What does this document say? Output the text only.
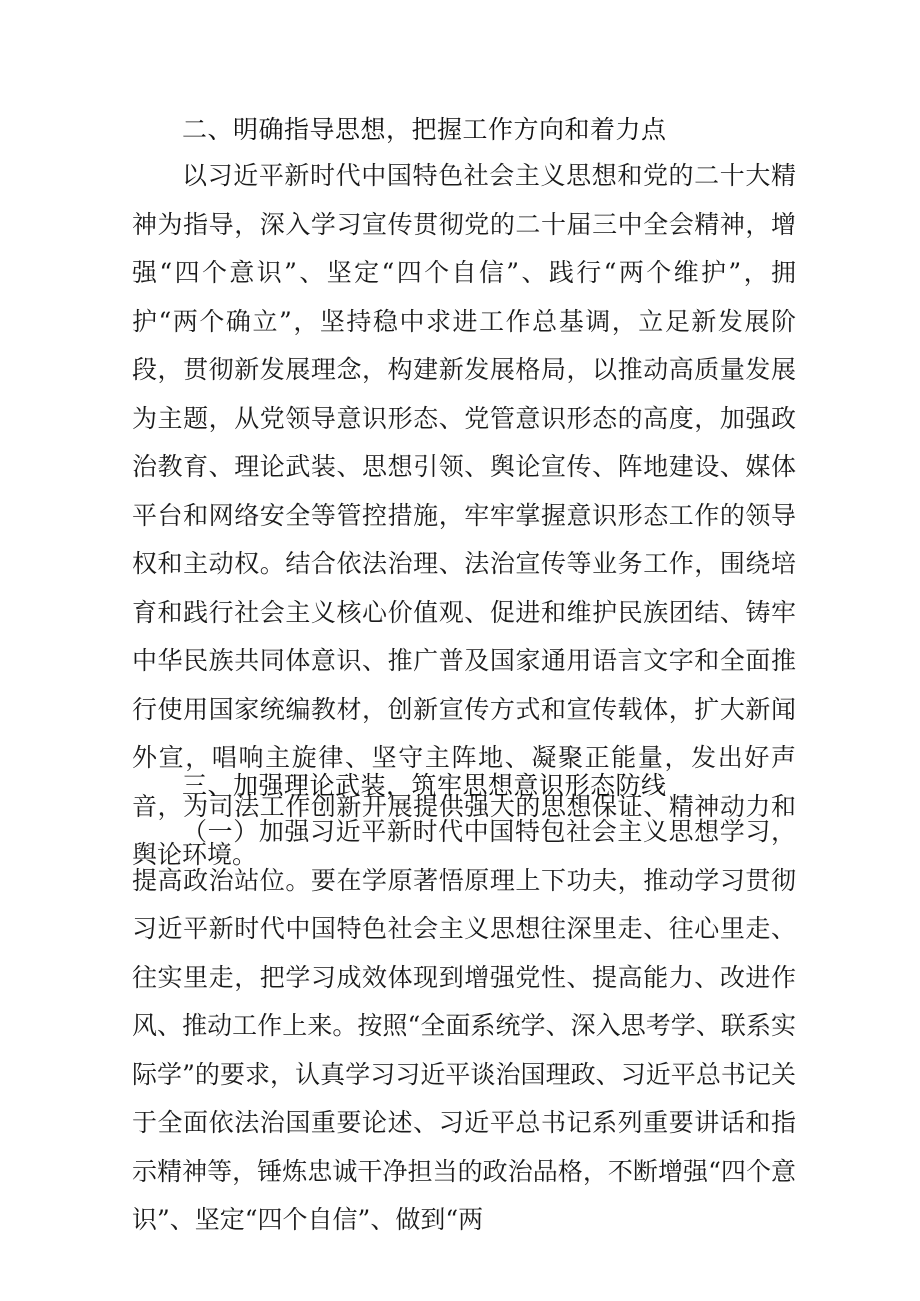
二、明确指导思想，把握工作方向和着力点

以习近平新时代中国特色社会主义思想和党的二十大精神为指导，深入学习宣传贯彻党的二十届三中全会精神，增强“四个意识”、坚定“四个自信”、践行“两个维护”，拥护“两个确立”，坚持稳中求进工作总基调，立足新发展阶段，贯彻新发展理念，构建新发展格局，以推动高质量发展为主题，从党领导意识形态、党管意识形态的高度，加强政治教育、理论武装、思想引领、舆论宣传、阵地建设、媒体平台和网络安全等管控措施，牢牢掌握意识形态工作的领导权和主动权。结合依法治理、法治宣传等业务工作，围绕培育和践行社会主义核心价值观、促进和维护民族团结、铸牢中华民族共同体意识、推广普及国家通用语言文字和全面推行使用国家统编教材，创新宣传方式和宣传载体，扩大新闻外宣，唱响主旋律、坚守主阵地、凝聚正能量，发出好声音，为司法工作创新开展提供强大的思想保证、精神动力和舆论环境。

三、加强理论武装，筑牢思想意识形态防线

（一）加强习近平新时代中国特包社会主义思想学习，提高政治站位。要在学原著悟原理上下功夫，推动学习贯彻习近平新时代中国特色社会主义思想往深里走、往心里走、往实里走，把学习成效体现到增强党性、提高能力、改进作风、推动工作上来。按照“全面系统学、深入思考学、联系实际学”的要求，认真学习习近平谈治国理政、习近平总书记关于全面依法治国重要论述、习近平总书记系列重要讲话和指示精神等，锤炼忠诚干净担当的政治品格，不断增强“四个意识”、坚定“四个自信”、做到“两
